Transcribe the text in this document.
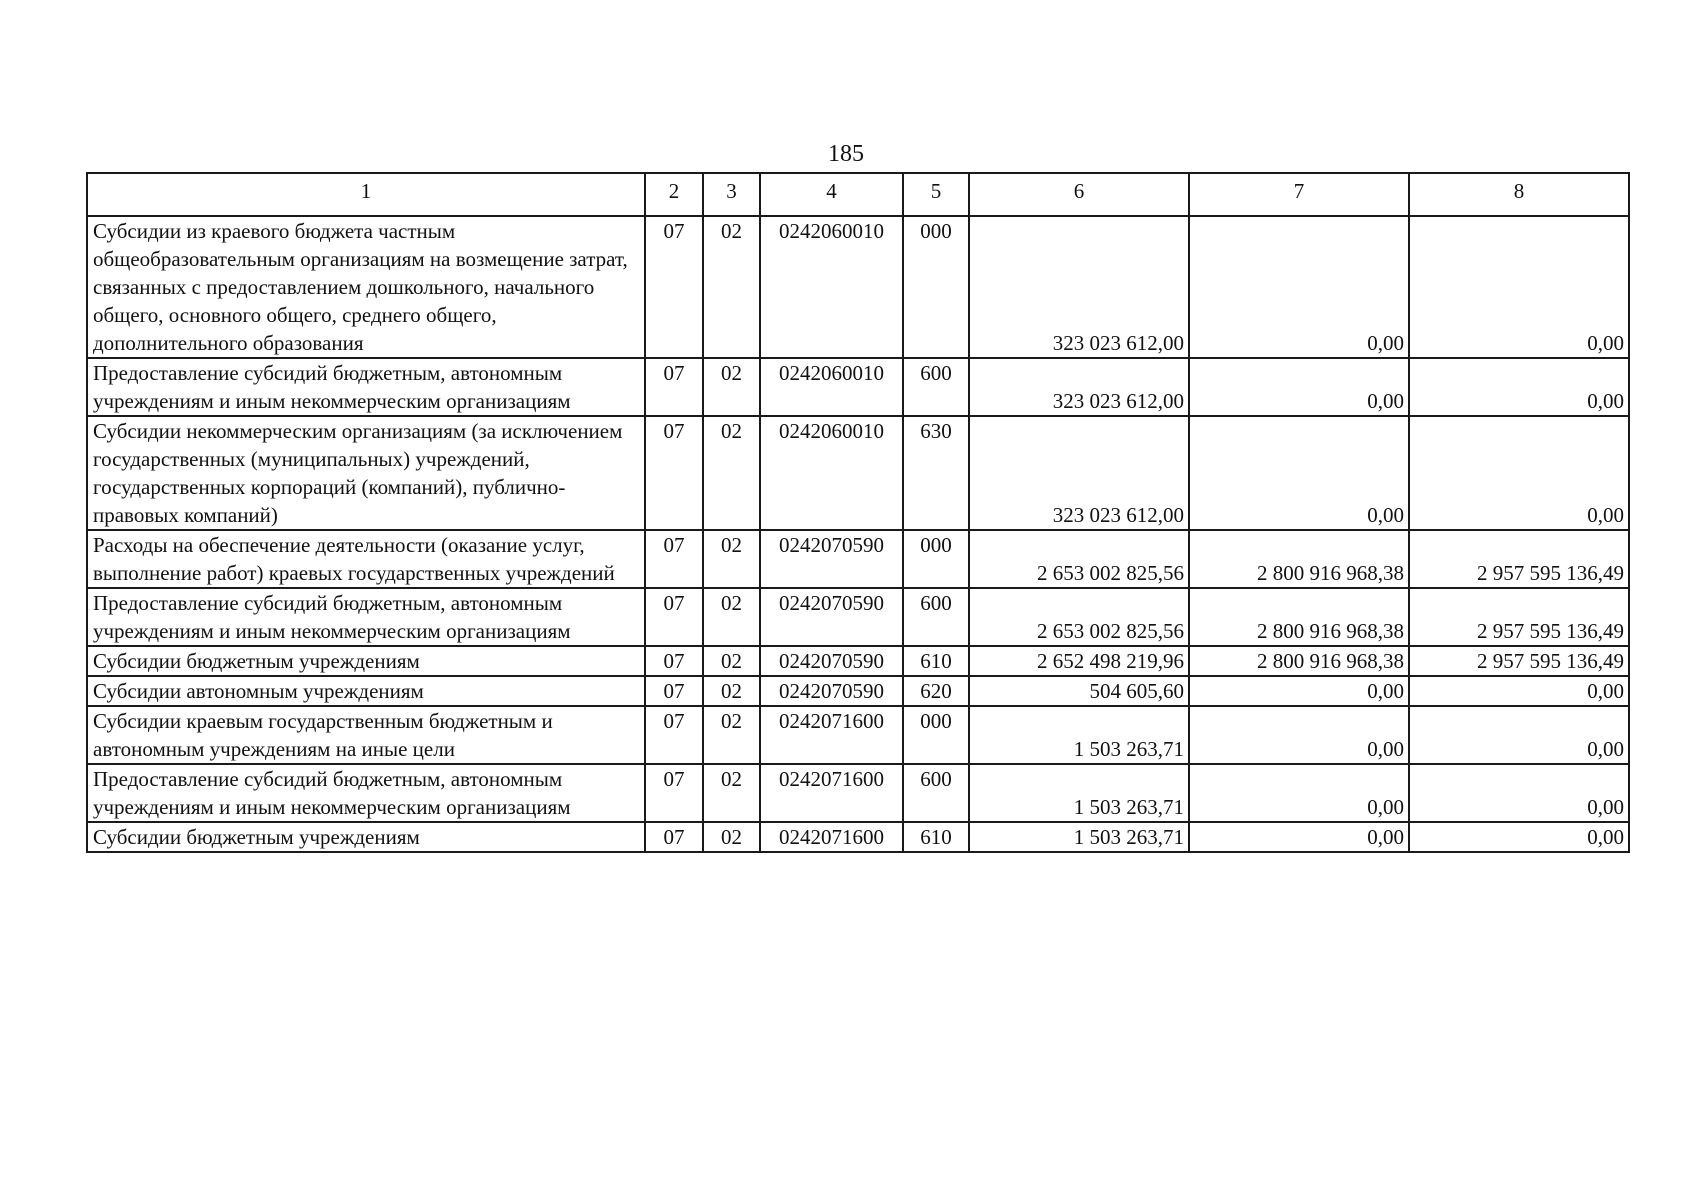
185
1	2	3	4	5	6	7	8
Субсидии из краевого бюджета частным общеобразовательным организациям на возмещение затрат, связанных с предоставлением дошкольного, начального общего, основного общего, среднего общего, дополнительного образования	07	02	0242060010	000	323 023 612,00	0,00	0,00
Предоставление субсидий бюджетным, автономным учреждениям и иным некоммерческим организациям	07	02	0242060010	600	323 023 612,00	0,00	0,00
Субсидии некоммерческим организациям (за исключением государственных (муниципальных) учреждений, государственных корпораций (компаний), публично-правовых компаний)	07	02	0242060010	630	323 023 612,00	0,00	0,00
Расходы на обеспечение деятельности (оказание услуг, выполнение работ) краевых государственных учреждений	07	02	0242070590	000	2 653 002 825,56	2 800 916 968,38	2 957 595 136,49
Предоставление субсидий бюджетным, автономным учреждениям и иным некоммерческим организациям	07	02	0242070590	600	2 653 002 825,56	2 800 916 968,38	2 957 595 136,49
Субсидии бюджетным учреждениям	07	02	0242070590	610	2 652 498 219,96	2 800 916 968,38	2 957 595 136,49
Субсидии автономным учреждениям	07	02	0242070590	620	504 605,60	0,00	0,00
Субсидии краевым государственным бюджетным и автономным учреждениям на иные цели	07	02	0242071600	000	1 503 263,71	0,00	0,00
Предоставление субсидий бюджетным, автономным учреждениям и иным некоммерческим организациям	07	02	0242071600	600	1 503 263,71	0,00	0,00
Субсидии бюджетным учреждениям	07	02	0242071600	610	1 503 263,71	0,00	0,00
